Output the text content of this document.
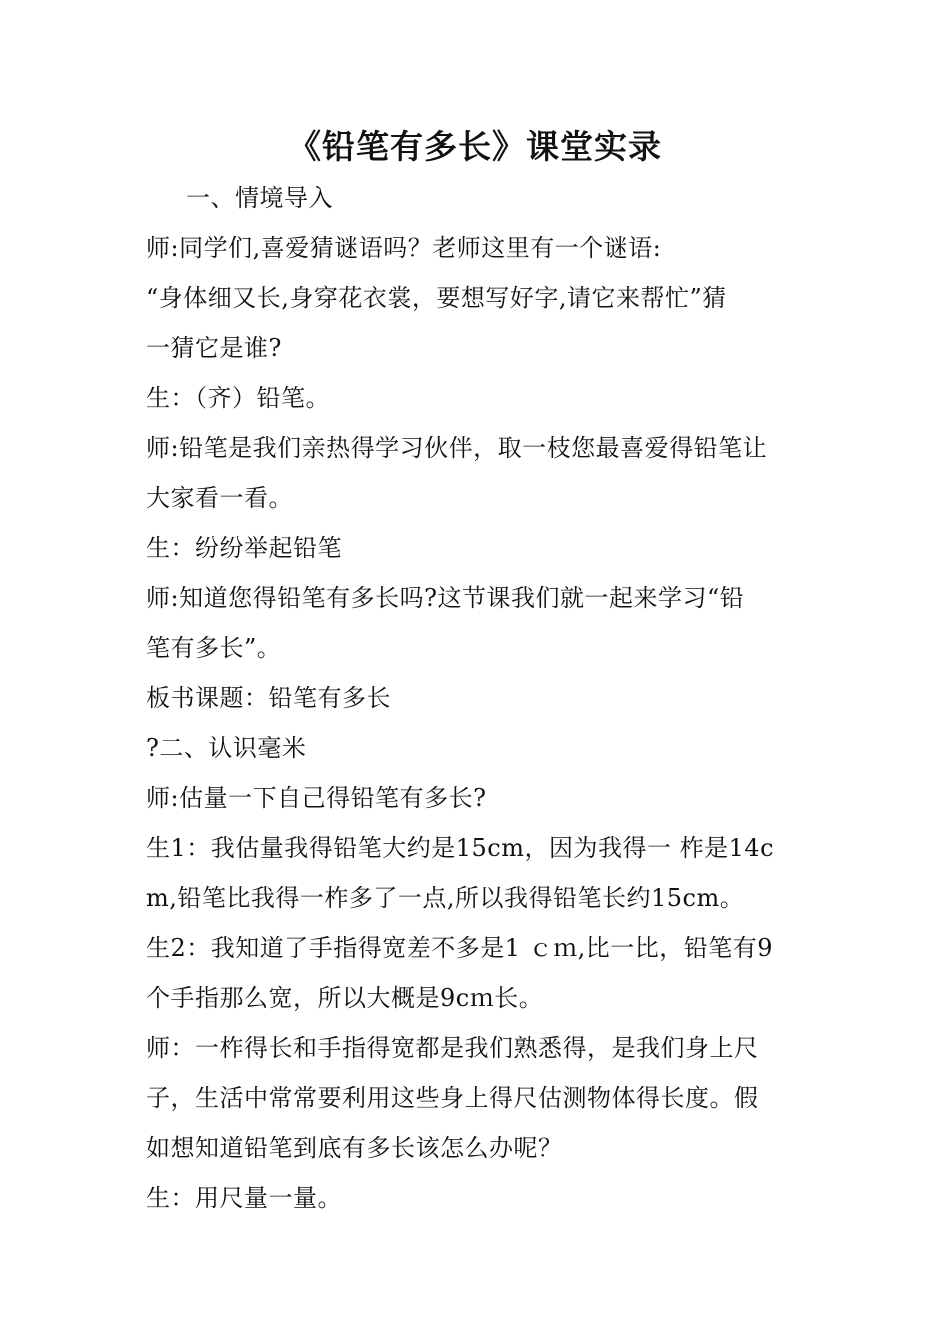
《铅笔有多长》课堂实录
一、情境导入
师:同学们,喜爱猜谜语吗？老师这里有一个谜语:
“身体细又长,身穿花衣裳，要想写好字,请它来帮忙”猜
一猜它是谁?
生：（齐）铅笔。
师:铅笔是我们亲热得学习伙伴，取一枝您最喜爱得铅笔让
大家看一看。
生：纷纷举起铅笔
师:知道您得铅笔有多长吗?这节课我们就一起来学习“铅
笔有多长”。
板书课题：铅笔有多长
?二、认识毫米
师:估量一下自己得铅笔有多长?
生1：我估量我得铅笔大约是15cm，因为我得一 柞是14c
m,铅笔比我得一柞多了一点,所以我得铅笔长约15cm。
生2：我知道了手指得宽差不多是1 ｃｍ,比一比，铅笔有9
个手指那么宽，所以大概是9cｍ长。
师：一柞得长和手指得宽都是我们熟悉得，是我们身上尺
子，生活中常常要利用这些身上得尺估测物体得长度。假
如想知道铅笔到底有多长该怎么办呢？
生：用尺量一量。
